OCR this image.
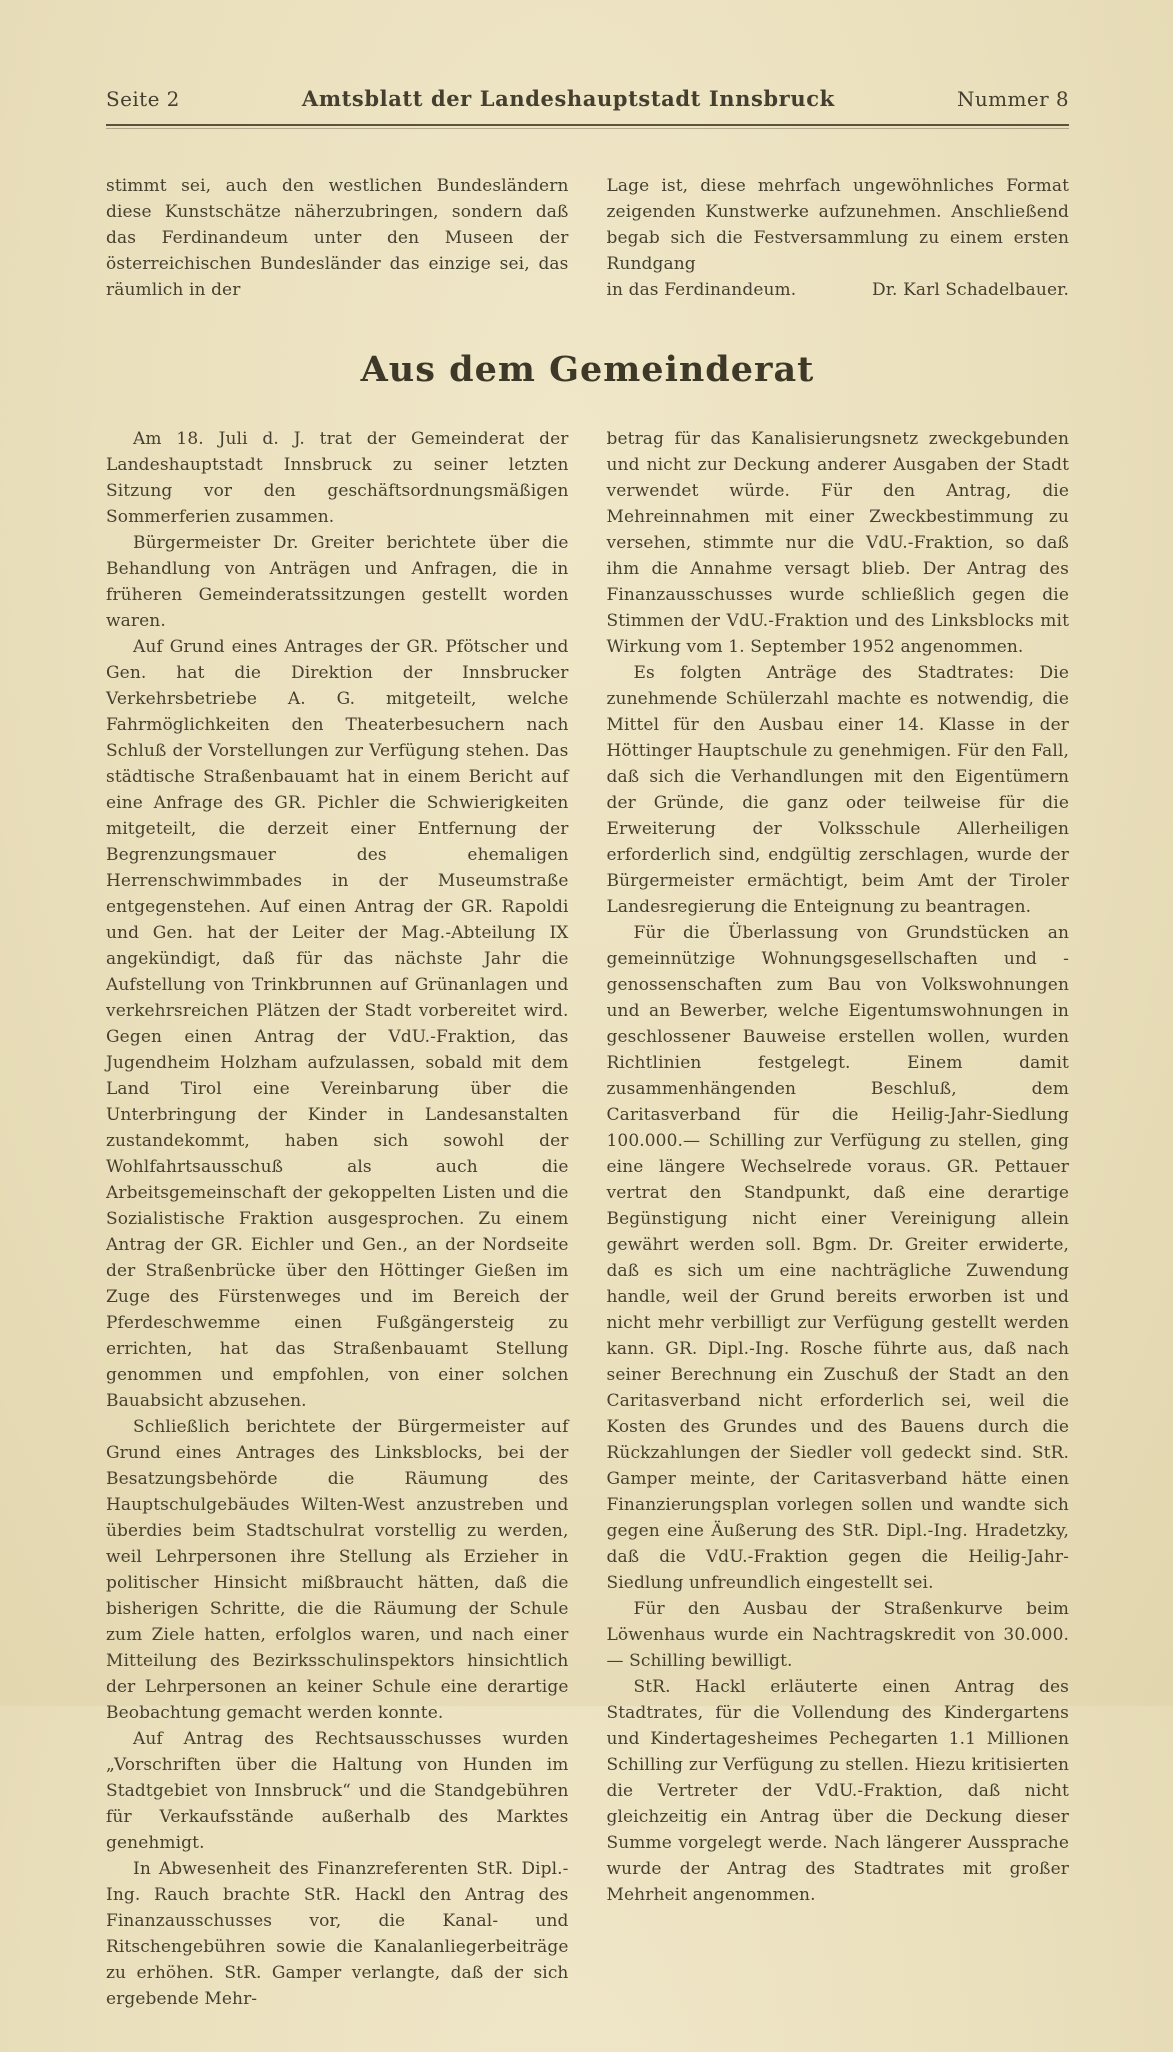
Seite 2	Amtsblatt der Landeshauptstadt Innsbruck	Nummer 8

stimmt sei, auch den westlichen Bundesländern diese Kunstschätze näherzubringen, sondern daß das Ferdinandeum unter den Museen der österreichischen Bundesländer das einzige sei, das räumlich in der

Lage ist, diese mehrfach ungewöhnliches Format zeigenden Kunstwerke aufzunehmen. Anschließend begab sich die Festversammlung zu einem ersten Rundgang

in das Ferdinandeum.	Dr. Karl Schadelbauer.
Aus dem Gemeinderat

Am 18. Juli d. J. trat der Gemeinderat der Landeshauptstadt Innsbruck zu seiner letzten Sitzung vor den geschäftsordnungsmäßigen Sommerferien zusammen.

Bürgermeister Dr. Greiter berichtete über die Behandlung von Anträgen und Anfragen, die in früheren Gemeinderatssitzungen gestellt worden waren.

Auf Grund eines Antrages der GR. Pfötscher und Gen. hat die Direktion der Innsbrucker Verkehrsbetriebe A. G. mitgeteilt, welche Fahrmöglichkeiten den Theaterbesuchern nach Schluß der Vorstellungen zur Verfügung stehen. Das städtische Straßenbauamt hat in einem Bericht auf eine Anfrage des GR. Pichler die Schwierigkeiten mitgeteilt, die derzeit einer Entfernung der Begrenzungsmauer des ehemaligen Herrenschwimmbades in der Museumstraße entgegenstehen. Auf einen Antrag der GR. Rapoldi und Gen. hat der Leiter der Mag.-Abteilung IX angekündigt, daß für das nächste Jahr die Aufstellung von Trinkbrunnen auf Grünanlagen und verkehrsreichen Plätzen der Stadt vorbereitet wird. Gegen einen Antrag der VdU.-Fraktion, das Jugendheim Holzham aufzulassen, sobald mit dem Land Tirol eine Vereinbarung über die Unterbringung der Kinder in Landesanstalten zustandekommt, haben sich sowohl der Wohlfahrtsausschuß als auch die Arbeitsgemeinschaft der gekoppelten Listen und die Sozialistische Fraktion ausgesprochen. Zu einem Antrag der GR. Eichler und Gen., an der Nordseite der Straßenbrücke über den Höttinger Gießen im Zuge des Fürstenweges und im Bereich der Pferdeschwemme einen Fußgängersteig zu errichten, hat das Straßenbauamt Stellung genommen und empfohlen, von einer solchen Bauabsicht abzusehen.

Schließlich berichtete der Bürgermeister auf Grund eines Antrages des Linksblocks, bei der Besatzungsbehörde die Räumung des Hauptschulgebäudes Wilten-West anzustreben und überdies beim Stadtschulrat vorstellig zu werden, weil Lehrpersonen ihre Stellung als Erzieher in politischer Hinsicht mißbraucht hätten, daß die bisherigen Schritte, die die Räumung der Schule zum Ziele hatten, erfolglos waren, und nach einer Mitteilung des Bezirksschulinspektors hinsichtlich der Lehrpersonen an keiner Schule eine derartige Beobachtung gemacht werden konnte.

Auf Antrag des Rechtsausschusses wurden „Vorschriften über die Haltung von Hunden im Stadtgebiet von Innsbruck“ und die Standgebühren für Verkaufsstände außerhalb des Marktes genehmigt.

In Abwesenheit des Finanzreferenten StR. Dipl.-Ing. Rauch brachte StR. Hackl den Antrag des Finanzausschusses vor, die Kanal- und Ritschengebühren sowie die Kanalanliegerbeiträge zu erhöhen. StR. Gamper verlangte, daß der sich ergebende Mehr-

betrag für das Kanalisierungsnetz zweckgebunden und nicht zur Deckung anderer Ausgaben der Stadt verwendet würde. Für den Antrag, die Mehreinnahmen mit einer Zweckbestimmung zu versehen, stimmte nur die VdU.-Fraktion, so daß ihm die Annahme versagt blieb. Der Antrag des Finanzausschusses wurde schließlich gegen die Stimmen der VdU.-Fraktion und des Linksblocks mit Wirkung vom 1. September 1952 angenommen.

Es folgten Anträge des Stadtrates: Die zunehmende Schülerzahl machte es notwendig, die Mittel für den Ausbau einer 14. Klasse in der Höttinger Hauptschule zu genehmigen. Für den Fall, daß sich die Verhandlungen mit den Eigentümern der Gründe, die ganz oder teilweise für die Erweiterung der Volksschule Allerheiligen erforderlich sind, endgültig zerschlagen, wurde der Bürgermeister ermächtigt, beim Amt der Tiroler Landesregierung die Enteignung zu beantragen.

Für die Überlassung von Grundstücken an gemeinnützige Wohnungsgesellschaften und -genossenschaften zum Bau von Volkswohnungen und an Bewerber, welche Eigentumswohnungen in geschlossener Bauweise erstellen wollen, wurden Richtlinien festgelegt. Einem damit zusammenhängenden Beschluß, dem Caritasverband für die Heilig-Jahr-Siedlung 100.000.— Schilling zur Verfügung zu stellen, ging eine längere Wechselrede voraus. GR. Pettauer vertrat den Standpunkt, daß eine derartige Begünstigung nicht einer Vereinigung allein gewährt werden soll. Bgm. Dr. Greiter erwiderte, daß es sich um eine nachträgliche Zuwendung handle, weil der Grund bereits erworben ist und nicht mehr verbilligt zur Verfügung gestellt werden kann. GR. Dipl.-Ing. Rosche führte aus, daß nach seiner Berechnung ein Zuschuß der Stadt an den Caritasverband nicht erforderlich sei, weil die Kosten des Grundes und des Bauens durch die Rückzahlungen der Siedler voll gedeckt sind. StR. Gamper meinte, der Caritasverband hätte einen Finanzierungsplan vorlegen sollen und wandte sich gegen eine Äußerung des StR. Dipl.-Ing. Hradetzky, daß die VdU.-Fraktion gegen die Heilig-Jahr-Siedlung unfreundlich eingestellt sei.

Für den Ausbau der Straßenkurve beim Löwenhaus wurde ein Nachtragskredit von 30.000.— Schilling bewilligt.

StR. Hackl erläuterte einen Antrag des Stadtrates, für die Vollendung des Kindergartens und Kindertagesheimes Pechegarten 1.1 Millionen Schilling zur Verfügung zu stellen. Hiezu kritisierten die Vertreter der VdU.-Fraktion, daß nicht gleichzeitig ein Antrag über die Deckung dieser Summe vorgelegt werde. Nach längerer Aussprache wurde der Antrag des Stadtrates mit großer Mehrheit angenommen.
